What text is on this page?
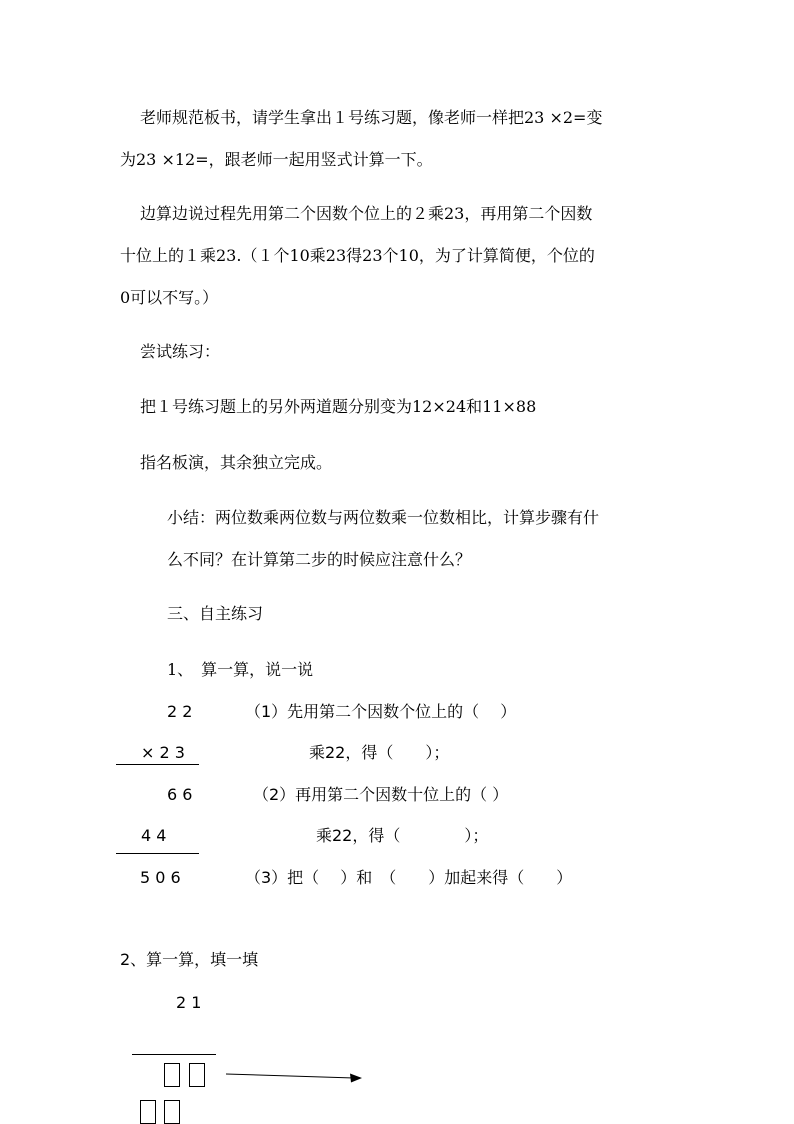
老师规范板书，请学生拿出１号练习题，像老师一样把23 ×2=变
为23 ×12=，跟老师一起用竖式计算一下。
边算边说过程先用第二个因数个位上的２乘23，再用第二个因数
十位上的１乘23.（１个10乘23得23个10，为了计算简便，个位的
0可以不写。）
尝试练习：
把１号练习题上的另外两道题分别变为12×24和11×88
指名板演，其余独立完成。
小结：两位数乘两位数与两位数乘一位数相比，计算步骤有什
么不同？在计算第二步的时候应注意什么？
三、自主练习
1、　算一算，说一说
2 2
× 2 3
6 6
4 4
5 0 6
（1）先用第二个因数个位上的（　 ）
乘22，得（　　）；
（2）再用第二个因数十位上的（ ）
乘22，得（　　　　）；
（3）把（　 ）和　（　　）加起来得（　　）
2、算一算，填一填
2 1
